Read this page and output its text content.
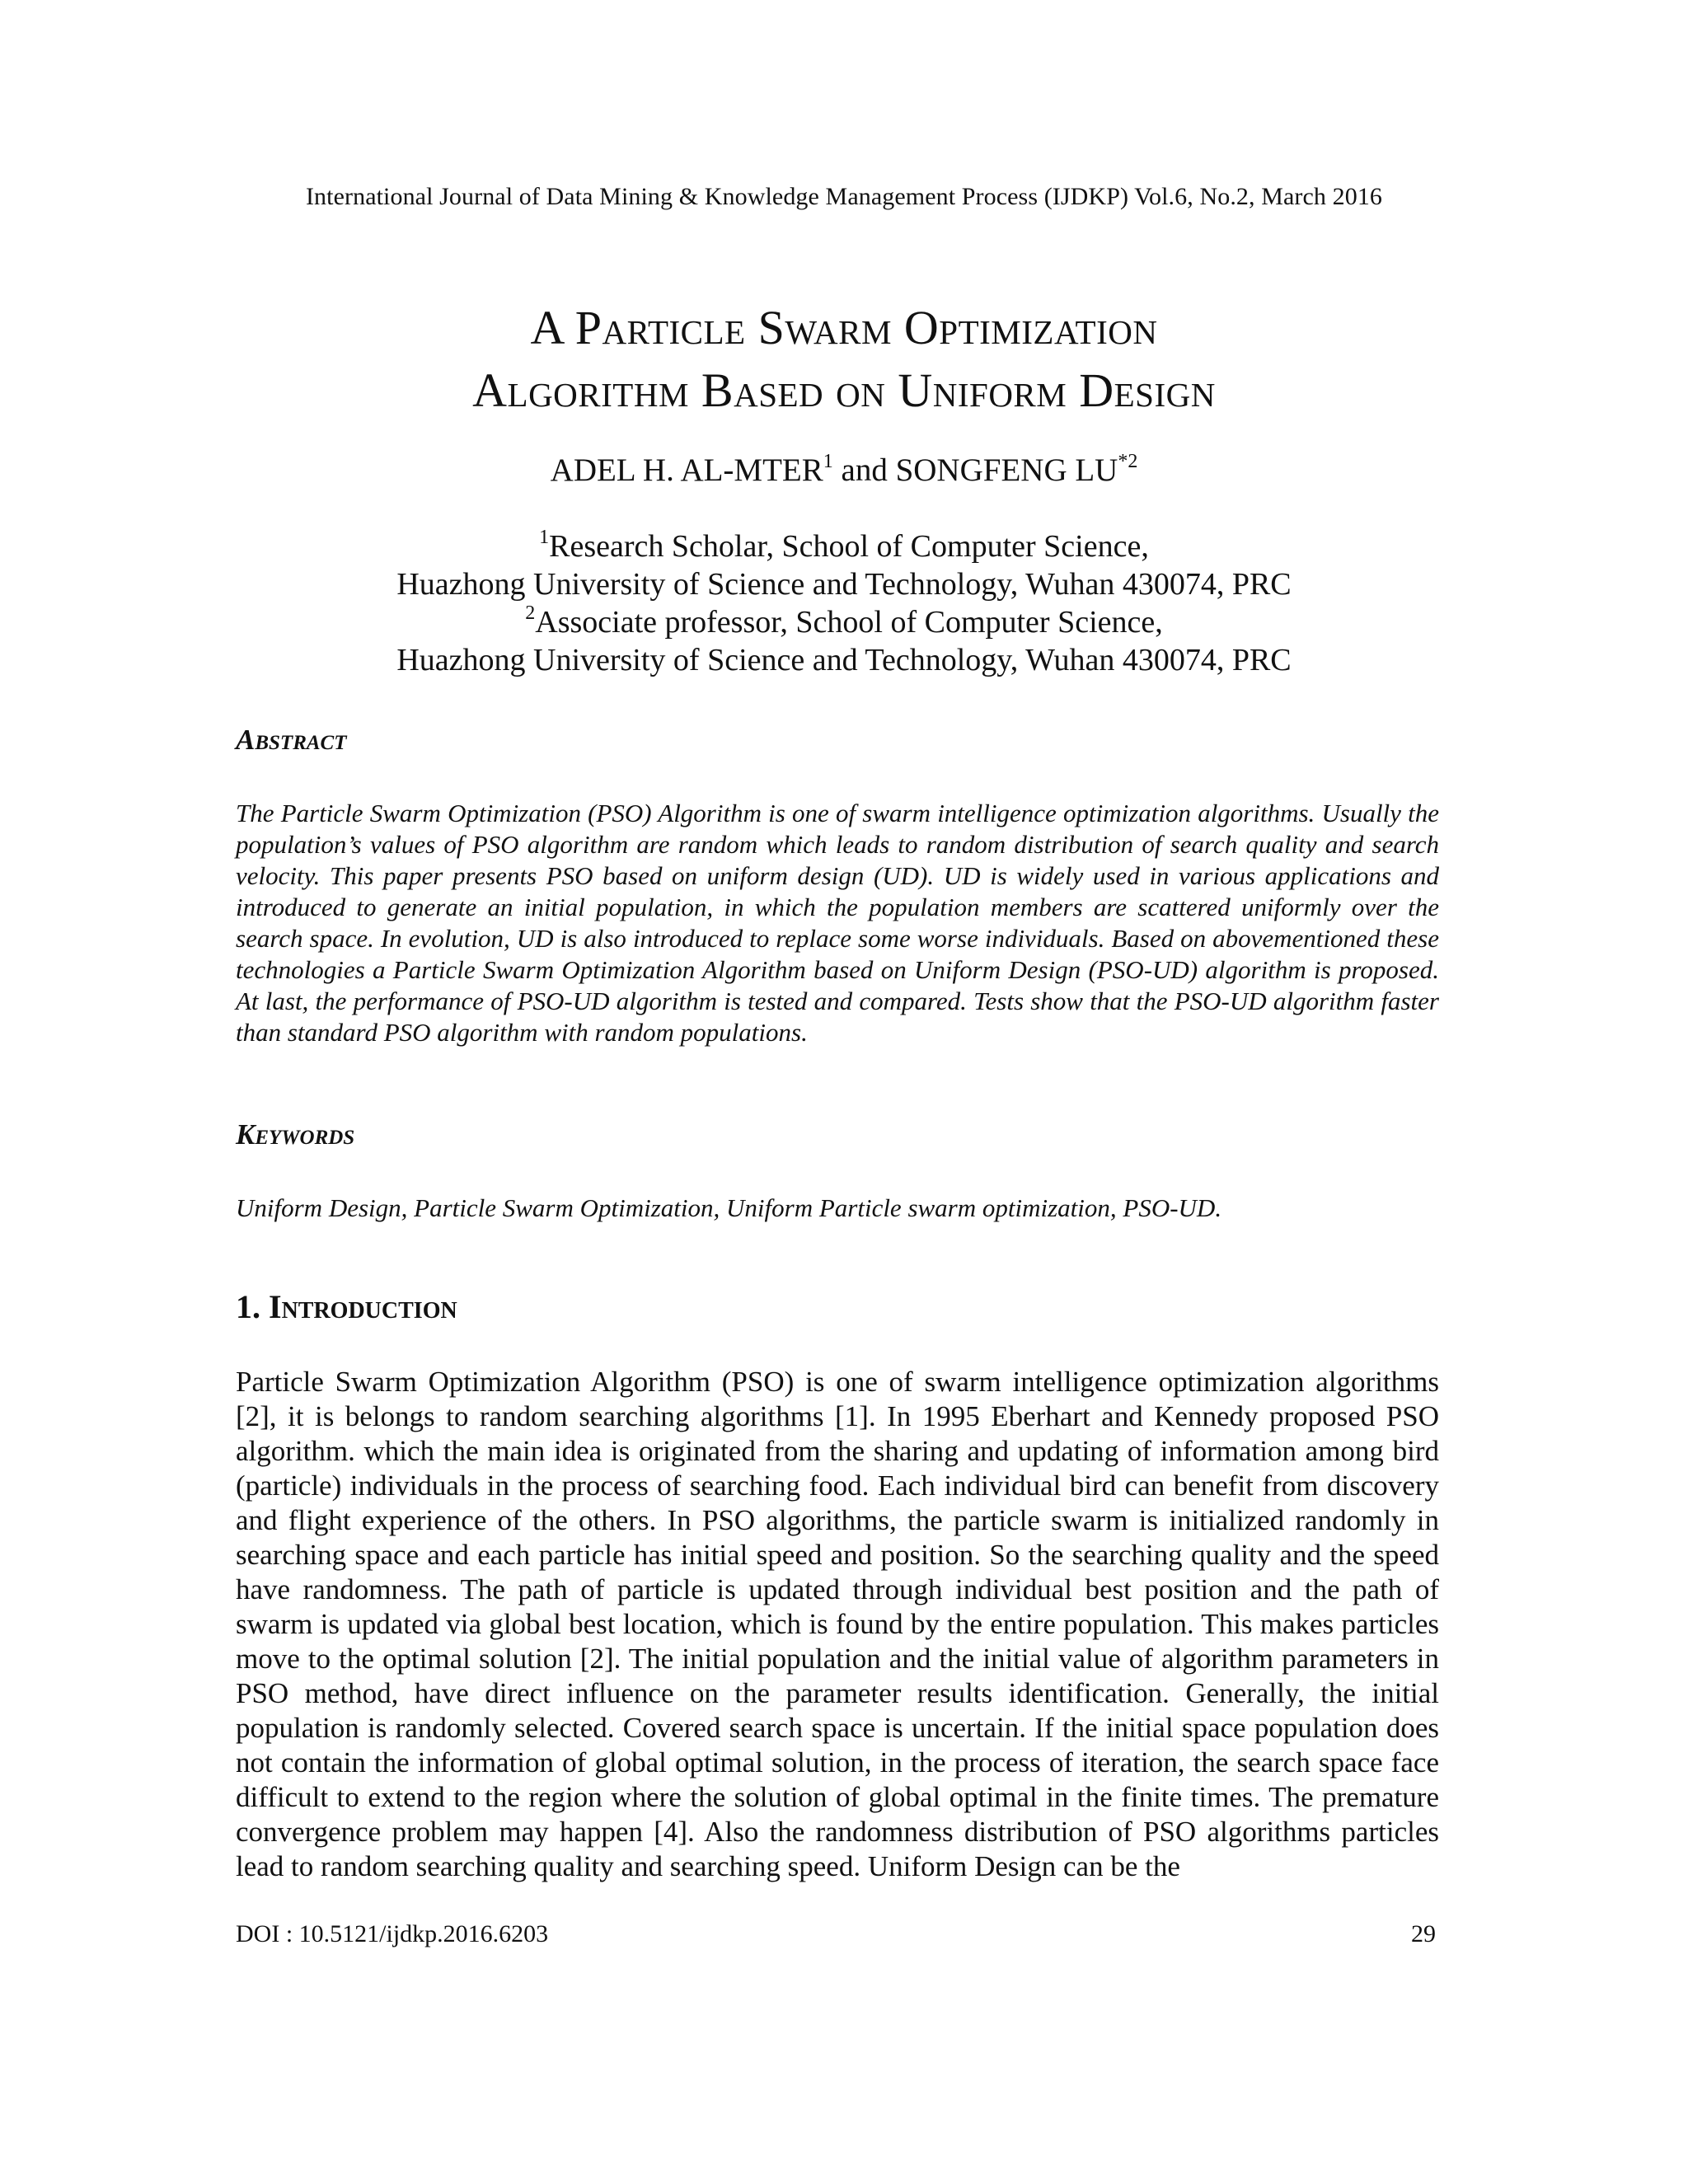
International Journal of Data Mining & Knowledge Management Process (IJDKP) Vol.6, No.2, March 2016
A Particle Swarm Optimization
Algorithm Based on Uniform Design
ADEL H. AL-MTER$^1$ and SONGFENG LU$^{*2}$
$^1$Research Scholar, School of Computer Science,
Huazhong University of Science and Technology, Wuhan 430074, PRC
$^2$Associate professor, School of Computer Science,
Huazhong University of Science and Technology, Wuhan 430074, PRC
Abstract
The Particle Swarm Optimization (PSO) Algorithm is one of swarm intelligence optimization algorithms. Usually the population’s values of PSO algorithm are random which leads to random distribution of search quality and search velocity. This paper presents PSO based on uniform design (UD). UD is widely used in various applications and introduced to generate an initial population, in which the population members are scattered uniformly over the search space. In evolution, UD is also introduced to replace some worse individuals. Based on abovementioned these technologies a Particle Swarm Optimization Algorithm based on Uniform Design (PSO-UD) algorithm is proposed. At last, the performance of PSO-UD algorithm is tested and compared. Tests show that the PSO-UD algorithm faster than standard PSO algorithm with random populations.
Keywords
Uniform Design, Particle Swarm Optimization, Uniform Particle swarm optimization, PSO-UD.
1. Introduction
Particle Swarm Optimization Algorithm (PSO) is one of swarm intelligence optimization algorithms [2], it is belongs to random searching algorithms [1]. In 1995 Eberhart and Kennedy proposed PSO algorithm. which the main idea is originated from the sharing and updating of information among bird (particle) individuals in the process of searching food. Each individual bird can benefit from discovery and flight experience of the others. In PSO algorithms, the particle swarm is initialized randomly in searching space and each particle has initial speed and position. So the searching quality and the speed have randomness. The path of particle is updated through individual best position and the path of swarm is updated via global best location, which is found by the entire population. This makes particles move to the optimal solution [2]. The initial population and the initial value of algorithm parameters in PSO method, have direct influence on the parameter results identification. Generally, the initial population is randomly selected. Covered search space is uncertain. If the initial space population does not contain the information of global optimal solution, in the process of iteration, the search space face difficult to extend to the region where the solution of global optimal in the finite times. The premature convergence problem may happen [4]. Also the randomness distribution of PSO algorithms particles lead to random searching quality and searching speed. Uniform Design can be the
DOI : 10.5121/ijdkp.2016.6203	29
